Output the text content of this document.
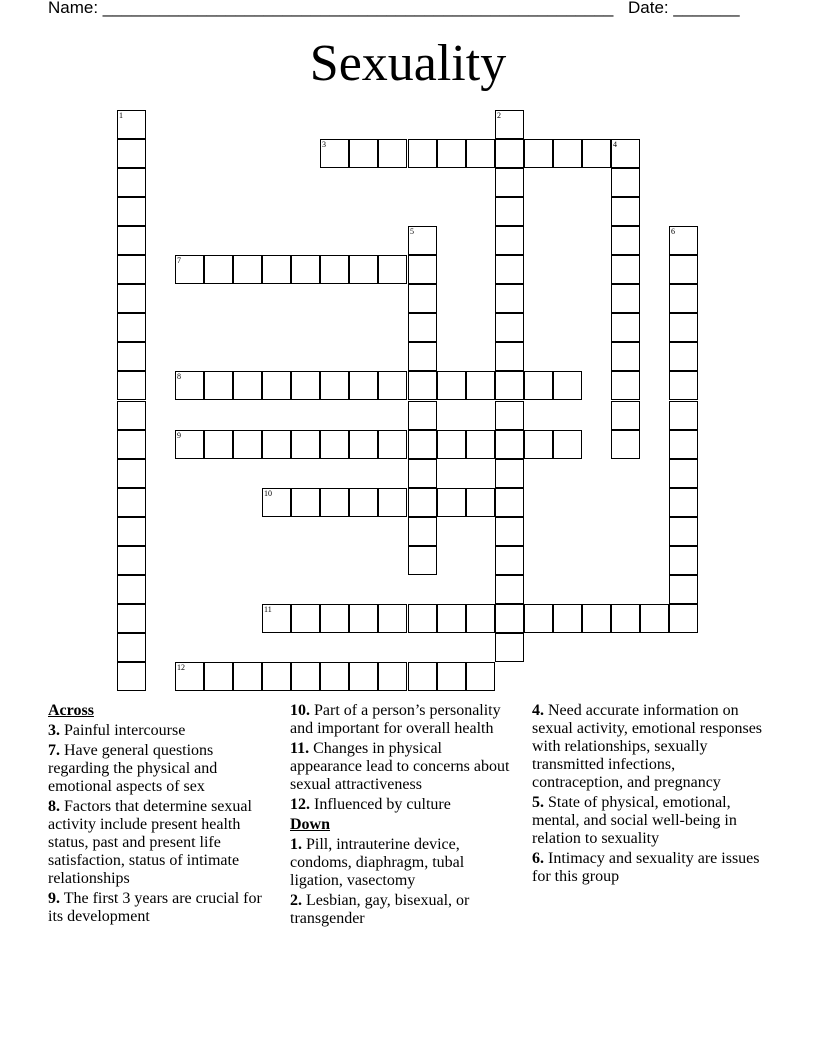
Name: ______________________________________________________ Date: _______
Sexuality
1	2
3	4
5	6
7
8
9
10
11
12
Across
3. Painful intercourse
7. Have general questions regarding the physical and emotional aspects of sex
8. Factors that determine sexual activity include present health status, past and present life satisfaction, status of intimate relationships
9. The first 3 years are crucial for its development
10. Part of a person’s personality and important for overall health
11. Changes in physical appearance lead to concerns about sexual attractiveness
12. Influenced by culture
Down
1. Pill, intrauterine device, condoms, diaphragm, tubal ligation, vasectomy
2. Lesbian, gay, bisexual, or transgender
4. Need accurate information on sexual activity, emotional responses with relationships, sexually transmitted infections, contraception, and pregnancy
5. State of physical, emotional, mental, and social well-being in relation to sexuality
6. Intimacy and sexuality are issues for this group
